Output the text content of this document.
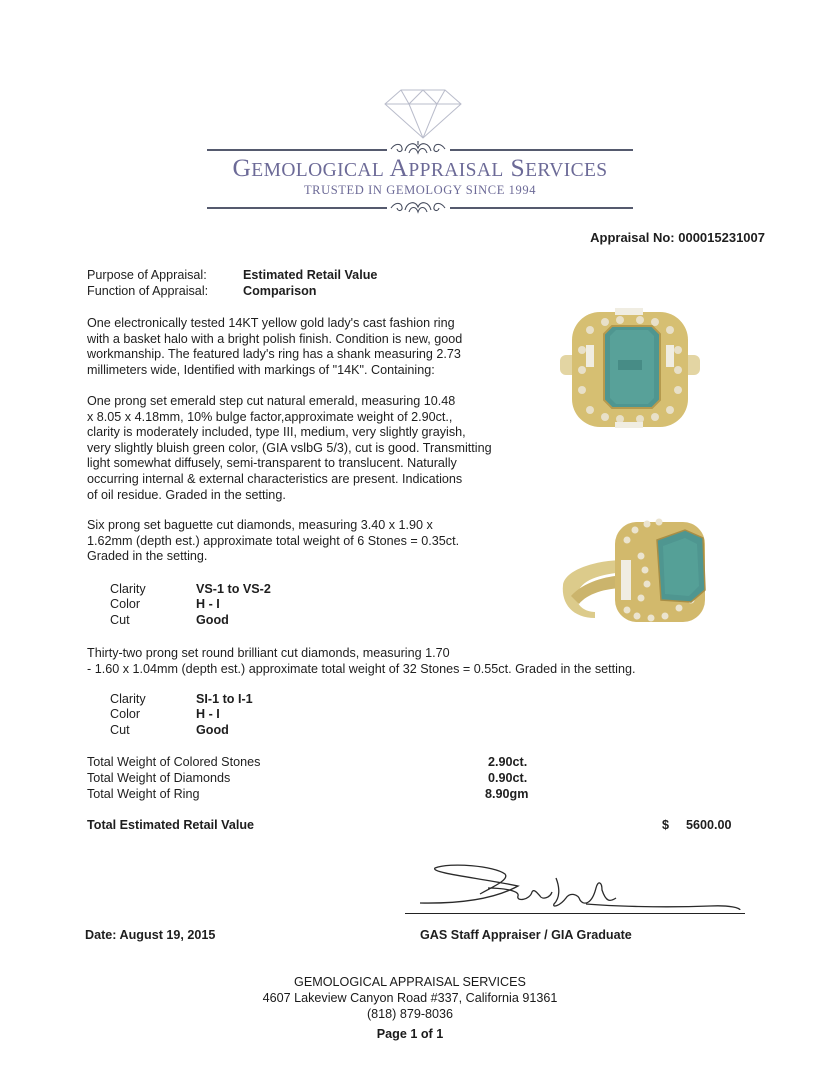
GEMOLOGICAL APPRAISAL SERVICES
TRUSTED IN GEMOLOGY SINCE 1994
Appraisal No: 000015231007
Purpose of Appraisal:	Estimated Retail Value
Function of Appraisal:	Comparison
One electronically tested 14KT yellow gold lady's cast fashion ring
with a basket halo with a bright polish finish. Condition is new, good
workmanship. The featured lady's ring has a shank measuring 2.73
millimeters wide, Identified with markings of "14K". Containing:
One prong set emerald step cut natural emerald, measuring 10.48
x 8.05 x 4.18mm, 10% bulge factor,approximate weight of 2.90ct.,
clarity is moderately included, type III, medium, very slightly grayish,
very slightly bluish green color, (GIA vslbG 5/3), cut is good. Transmitting
light somewhat diffusely, semi-transparent to translucent. Naturally
occurring internal & external characteristics are present. Indications
of oil residue. Graded in the setting.
Six prong set baguette cut diamonds, measuring 3.40 x 1.90 x
1.62mm (depth est.) approximate total weight of 6 Stones = 0.35ct.
Graded in the setting.
Clarity	VS-1 to VS-2
Color	H - I
Cut	Good
Thirty-two prong set round brilliant cut diamonds, measuring 1.70
- 1.60 x 1.04mm (depth est.) approximate total weight of 32 Stones = 0.55ct. Graded in the setting.
Clarity	SI-1 to I-1
Color	H - I
Cut	Good
Total Weight of Colored Stones	2.90ct.
Total Weight of Diamonds	0.90ct.
Total Weight of Ring	8.90gm
Total Estimated Retail Value	$ 5600.00
GAS Staff Appraiser / GIA Graduate
Date: August 19, 2015
GEMOLOGICAL APPRAISAL SERVICES
4607 Lakeview Canyon Road #337, California 91361
(818) 879-8036
Page 1 of 1
